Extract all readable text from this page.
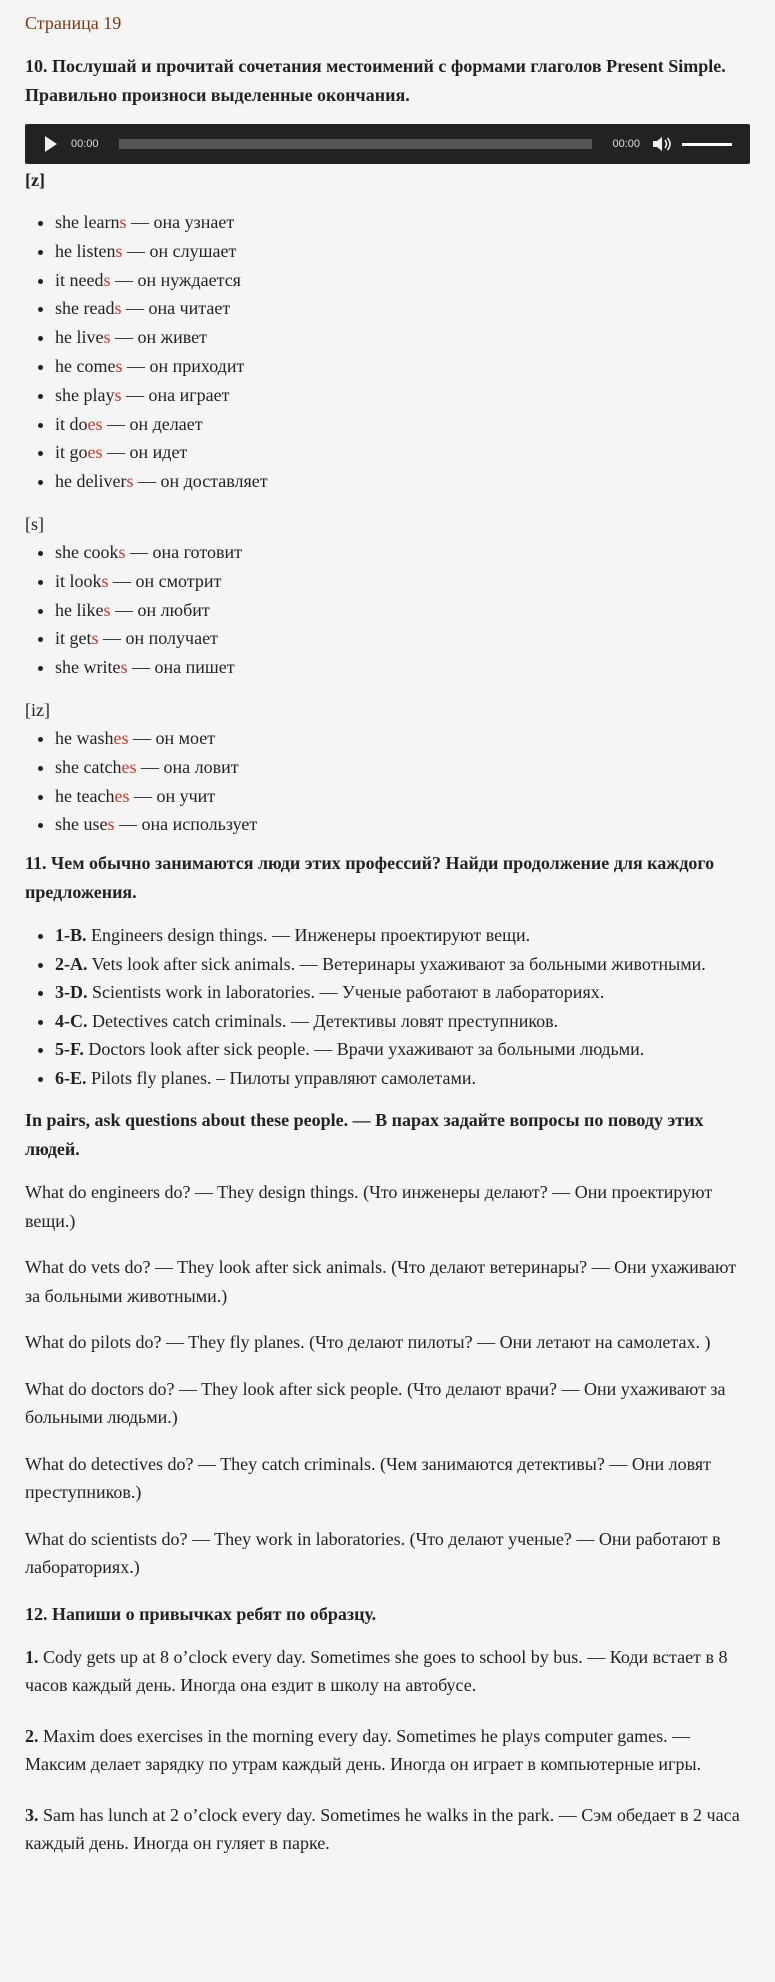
Страница 19
10. Послушай и прочитай сочетания местоимений с формами глаголов Present Simple. Правильно произноси выделенные окончания.
00:00	00:00
[z]
• she learns — она узнает
• he listens — он слушает
• it needs — он нуждается
• she reads — она читает
• he lives — он живет
• he comes — он приходит
• she plays — она играет
• it does — он делает
• it goes — он идет
• he delivers — он доставляет
[s]
• she cooks — она готовит
• it looks — он смотрит
• he likes — он любит
• it gets — он получает
• she writes — она пишет
[iz]
• he washes — он моет
• she catches — она ловит
• he teaches — он учит
• she uses — она использует
11. Чем обычно занимаются люди этих профессий? Найди продолжение для каждого предложения.
• 1-B. Engineers design things. — Инженеры проектируют вещи.
• 2-A. Vets look after sick animals. — Ветеринары ухаживают за больными животными.
• 3-D. Scientists work in laboratories. — Ученые работают в лабораториях.
• 4-C. Detectives catch criminals. — Детективы ловят преступников.
• 5-F. Doctors look after sick people. — Врачи ухаживают за больными людьми.
• 6-E. Pilots fly planes. – Пилоты управляют самолетами.
In pairs, ask questions about these people. — В парах задайте вопросы по поводу этих людей.

What do engineers do? — They design things. (Что инженеры делают? — Они проектируют вещи.)

What do vets do? — They look after sick animals. (Что делают ветеринары? — Они ухаживают за больными животными.)

What do pilots do? — They fly planes. (Что делают пилоты? — Они летают на самолетах. )

What do doctors do? — They look after sick people. (Что делают врачи? — Они ухаживают за больными людьми.)

What do detectives do? — They catch criminals. (Чем занимаются детективы? — Они ловят преступников.)

What do scientists do? — They work in laboratories. (Что делают ученые? — Они работают в лабораториях.)

12. Напиши о привычках ребят по образцу.

1. Cody gets up at 8 o’clock every day. Sometimes she goes to school by bus. — Коди встает в 8 часов каждый день. Иногда она ездит в школу на автобусе.

2. Maxim does exercises in the morning every day. Sometimes he plays computer games. — Максим делает зарядку по утрам каждый день. Иногда он играет в компьютерные игры.

3. Sam has lunch at 2 o’clock every day. Sometimes he walks in the park. — Сэм обедает в 2 часа каждый день. Иногда он гуляет в парке.
